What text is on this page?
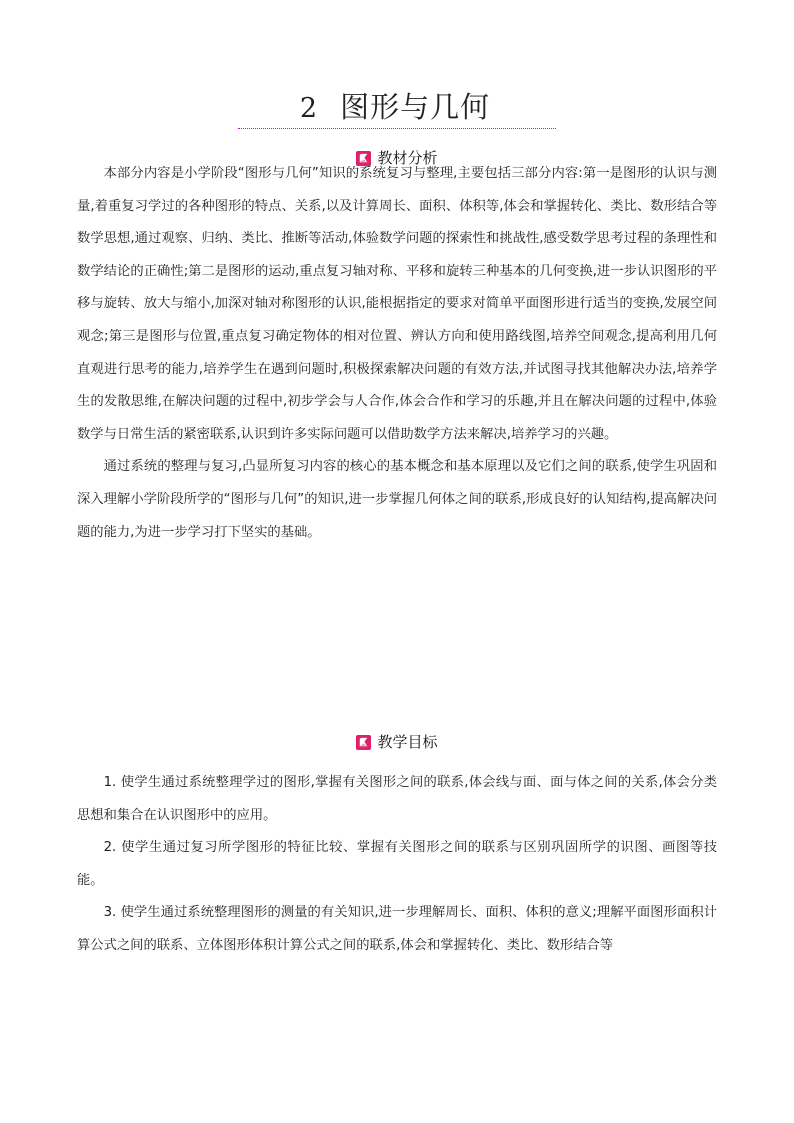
2 图形与几何
教材分析

本部分内容是小学阶段“图形与几何”知识的系统复习与整理,主要包括三部分内容:第一是图形的认识与测量,着重复习学过的各种图形的特点、关系,以及计算周长、面积、体积等,体会和掌握转化、类比、数形结合等数学思想,通过观察、归纳、类比、推断等活动,体验数学问题的探索性和挑战性,感受数学思考过程的条理性和数学结论的正确性;第二是图形的运动,重点复习轴对称、平移和旋转三种基本的几何变换,进一步认识图形的平移与旋转、放大与缩小,加深对轴对称图形的认识,能根据指定的要求对简单平面图形进行适当的变换,发展空间观念;第三是图形与位置,重点复习确定物体的相对位置、辨认方向和使用路线图,培养空间观念,提高利用几何直观进行思考的能力,培养学生在遇到问题时,积极探索解决问题的有效方法,并试图寻找其他解决办法,培养学生的发散思维,在解决问题的过程中,初步学会与人合作,体会合作和学习的乐趣,并且在解决问题的过程中,体验数学与日常生活的紧密联系,认识到许多实际问题可以借助数学方法来解决,培养学习的兴趣。

通过系统的整理与复习,凸显所复习内容的核心的基本概念和基本原理以及它们之间的联系,使学生巩固和深入理解小学阶段所学的“图形与几何”的知识,进一步掌握几何体之间的联系,形成良好的认知结构,提高解决问题的能力,为进一步学习打下坚实的基础。

教学目标

1. 使学生通过系统整理学过的图形,掌握有关图形之间的联系,体会线与面、面与体之间的关系,体会分类思想和集合在认识图形中的应用。

2. 使学生通过复习所学图形的特征比较、掌握有关图形之间的联系与区别巩固所学的识图、画图等技能。

3. 使学生通过系统整理图形的测量的有关知识,进一步理解周长、面积、体积的意义;理解平面图形面积计算公式之间的联系、立体图形体积计算公式之间的联系,体会和掌握转化、类比、数形结合等
